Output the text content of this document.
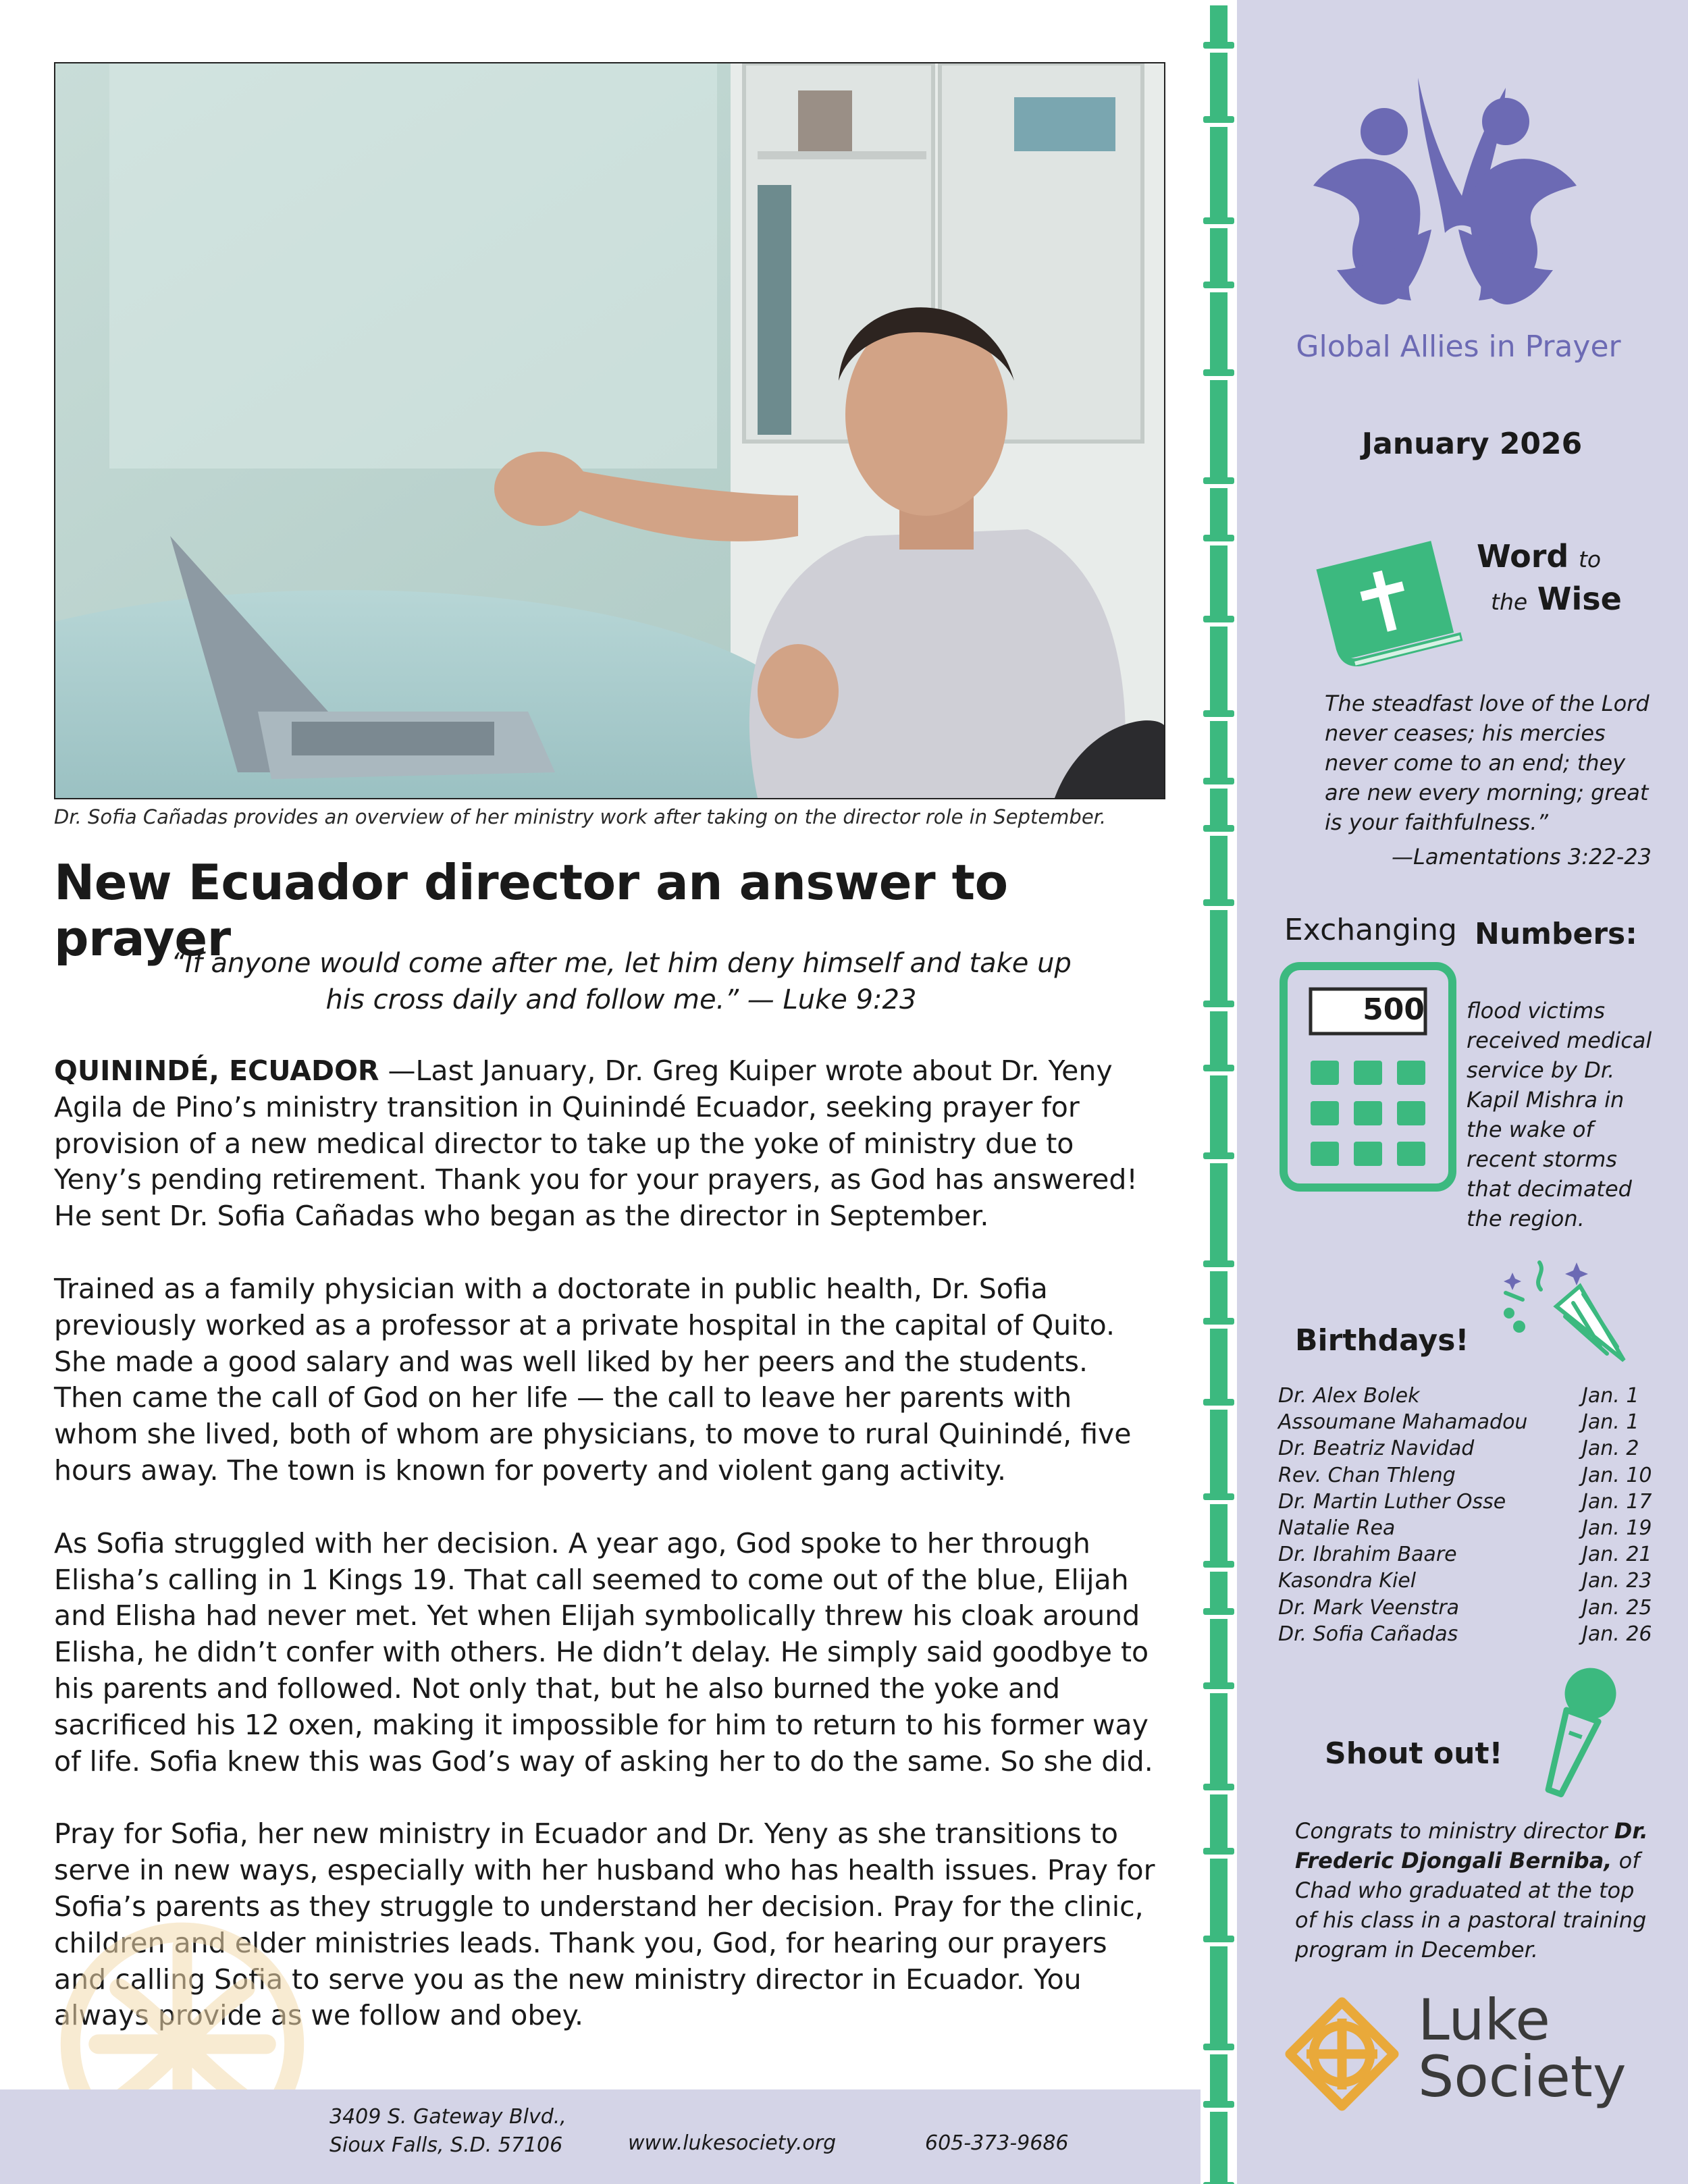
Dr. Sofia Cañadas provides an overview of her ministry work after taking on the director role in September.
New Ecuador director an answer to prayer
“If anyone would come after me, let him deny himself and take up
his cross daily and follow me.” — Luke 9:23

QUININDÉ, ECUADOR —Last January, Dr. Greg Kuiper wrote about Dr. Yeny Agila de Pino’s ministry transition in Quinindé Ecuador, seeking prayer for provision of a new medical director to take up the yoke of ministry due to Yeny’s pending retirement. Thank you for your prayers, as God has answered! He sent Dr. Sofia Cañadas who began as the director in September.

Trained as a family physician with a doctorate in public health, Dr. Sofia previously worked as a professor at a private hospital in the capital of Quito. She made a good salary and was well liked by her peers and the students. Then came the call of God on her life — the call to leave her parents with whom she lived, both of whom are physicians, to move to rural Quinindé, five hours away. The town is known for poverty and violent gang activity.

As Sofia struggled with her decision. A year ago, God spoke to her through Elisha’s calling in 1 Kings 19. That call seemed to come out of the blue, Elijah and Elisha had never met. Yet when Elijah symbolically threw his cloak around Elisha, he didn’t confer with others. He didn’t delay. He simply said goodbye to his parents and followed. Not only that, but he also burned the yoke and sacrificed his 12 oxen, making it impossible for him to return to his former way of life. Sofia knew this was God’s way of asking her to do the same. So she did.

Pray for Sofia, her new ministry in Ecuador and Dr. Yeny as she transitions to serve in new ways, especially with her husband who has health issues. Pray for Sofia’s parents as they struggle to understand her decision. Pray for the clinic, children and elder ministries leads. Thank you, God, for hearing our prayers and calling Sofia to serve you as the new ministry director in Ecuador. You always provide as we follow and obey.

3409 S. Gateway Blvd.,
Sioux Falls, S.D. 57106	www.lukesociety.org	605-373-9686
Global Allies in Prayer
January 2026
Word to
the Wise
The steadfast love of the Lord never ceases; his mercies never come to an end; they are new every morning; great is your faithfulness.”
—Lamentations 3:22-23
Exchanging Numbers:
500 flood victims received medical service by Dr. Kapil Mishra in the wake of recent storms that decimated the region.
Birthdays!
Dr. Alex Bolek	Jan. 1
Assoumane Mahamadou	Jan. 1
Dr. Beatriz Navidad	Jan. 2
Rev. Chan Thleng	Jan. 10
Dr. Martin Luther Osse	Jan. 17
Natalie Rea	Jan. 19
Dr. Ibrahim Baare	Jan. 21
Kasondra Kiel	Jan. 23
Dr. Mark Veenstra	Jan. 25
Dr. Sofia Cañadas	Jan. 26
Shout out!
Congrats to ministry director Dr. Frederic Djongali Berniba, of Chad who graduated at the top of his class in a pastoral training program in December.
Luke
Society
